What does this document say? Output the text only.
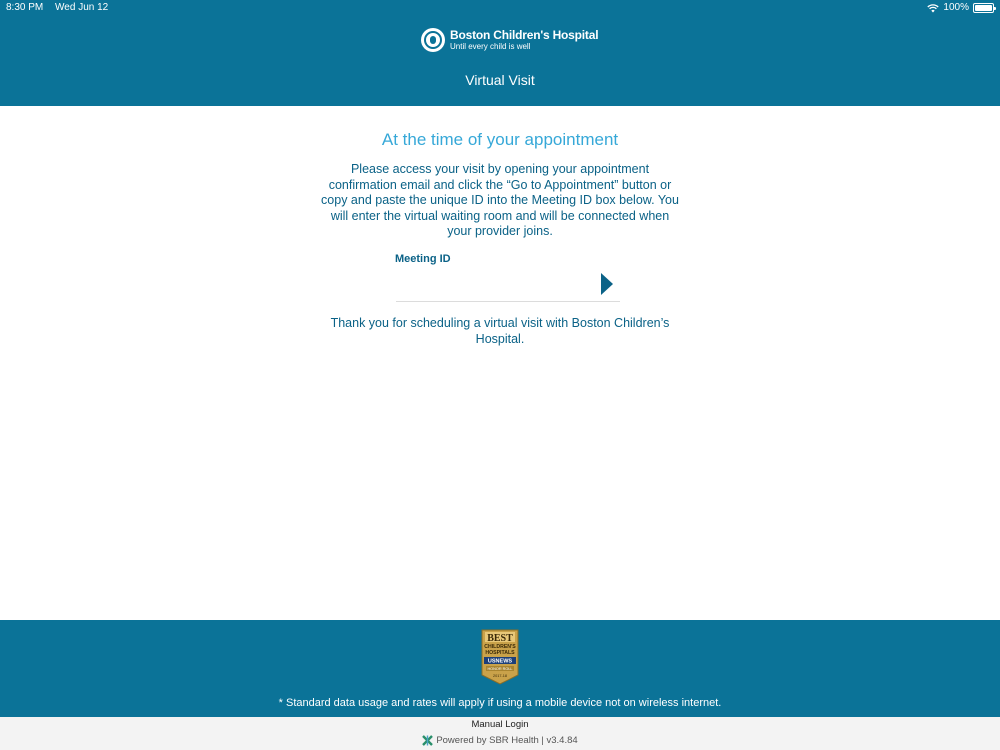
8:30 PM Wed Jun 12	100%
Boston Children's Hospital
Until every child is well
Virtual Visit
At the time of your appointment
Please access your visit by opening your appointment confirmation email and click the “Go to Appointment” button or copy and paste the unique ID into the Meeting ID box below. You will enter the virtual waiting room and will be connected when your provider joins.
Meeting ID
Thank you for scheduling a virtual visit with Boston Children’s Hospital.
BEST
CHILDREN'S
HOSPITALS
USNEWS
HONOR ROLL
2017-18
* Standard data usage and rates will apply if using a mobile device not on wireless internet.
Manual Login
Powered by SBR Health | v3.4.84
